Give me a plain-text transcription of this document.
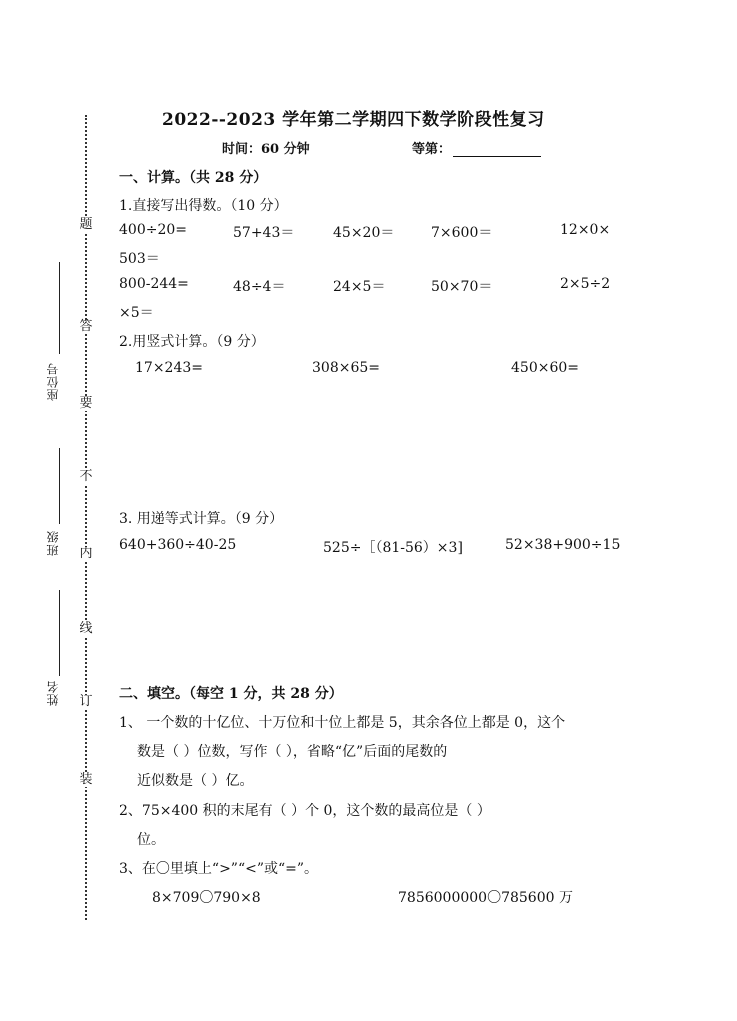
题
答
要
不
内
线
订
装
座位号
班级
姓名
2022--2023 学年第二学期四下数学阶段性复习
时间：60 分钟	等第：
一、计算。（共 28 分）
1.直接写出得数。（10 分）
400÷20=	57+43＝	45×20＝	7×600＝	12×0×
503＝
800-244=	48÷4＝	24×5＝	50×70＝	2×5÷2
×5＝
2.用竖式计算。（9 分）
17×243=	308×65=	450×60=
3. 用递等式计算。（9 分）
640+360÷40-25	525÷［（81-56）×3]	52×38+900÷15
二、填空。（每空 1 分，共 28 分）
1、 一个数的十亿位、十万位和十位上都是 5，其余各位上都是 0，这个
数是（ ）位数，写作（ ），省略“亿”后面的尾数的
近似数是（ ）亿。
2、75×400 积的末尾有（ ）个 0，这个数的最高位是（ ）
位。
3、在〇里填上“>”“<”或“=”。
8×709〇790×8	7856000000〇785600 万
